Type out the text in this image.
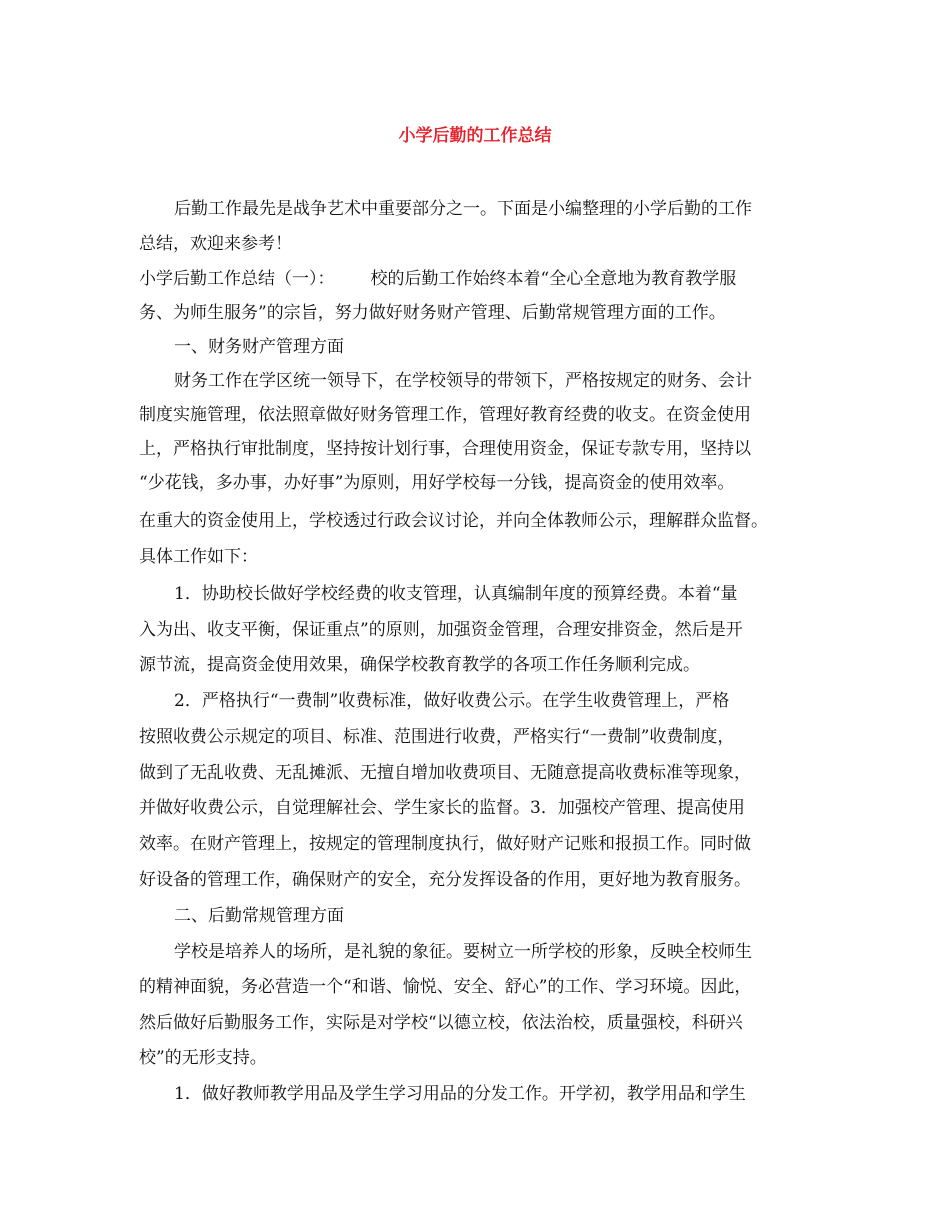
小学后勤的工作总结
后勤工作最先是战争艺术中重要部分之一。下面是小编整理的小学后勤的工作
总结，欢迎来参考！
小学后勤工作总结（一）： 校的后勤工作始终本着“全心全意地为教育教学服
务、为师生服务”的宗旨，努力做好财务财产管理、后勤常规管理方面的工作。
一、财务财产管理方面
财务工作在学区统一领导下，在学校领导的带领下，严格按规定的财务、会计
制度实施管理，依法照章做好财务管理工作，管理好教育经费的收支。在资金使用
上，严格执行审批制度，坚持按计划行事，合理使用资金，保证专款专用，坚持以
“少花钱，多办事，办好事”为原则，用好学校每一分钱，提高资金的使用效率。
在重大的资金使用上，学校透过行政会议讨论，并向全体教师公示，理解群众监督。
具体工作如下：
1．协助校长做好学校经费的收支管理，认真编制年度的预算经费。本着“量
入为出、收支平衡，保证重点”的原则，加强资金管理，合理安排资金，然后是开
源节流，提高资金使用效果，确保学校教育教学的各项工作任务顺利完成。
2．严格执行“一费制”收费标准，做好收费公示。在学生收费管理上，严格
按照收费公示规定的项目、标准、范围进行收费，严格实行“一费制”收费制度，
做到了无乱收费、无乱摊派、无擅自增加收费项目、无随意提高收费标准等现象，
并做好收费公示，自觉理解社会、学生家长的监督。3．加强校产管理、提高使用
效率。在财产管理上，按规定的管理制度执行，做好财产记账和报损工作。同时做
好设备的管理工作，确保财产的安全，充分发挥设备的作用，更好地为教育服务。
二、后勤常规管理方面
学校是培养人的场所，是礼貌的象征。要树立一所学校的形象，反映全校师生
的精神面貌，务必营造一个“和谐、愉悦、安全、舒心”的工作、学习环境。因此，
然后做好后勤服务工作，实际是对学校“以德立校，依法治校，质量强校，科研兴
校”的无形支持。
1．做好教师教学用品及学生学习用品的分发工作。开学初，教学用品和学生
